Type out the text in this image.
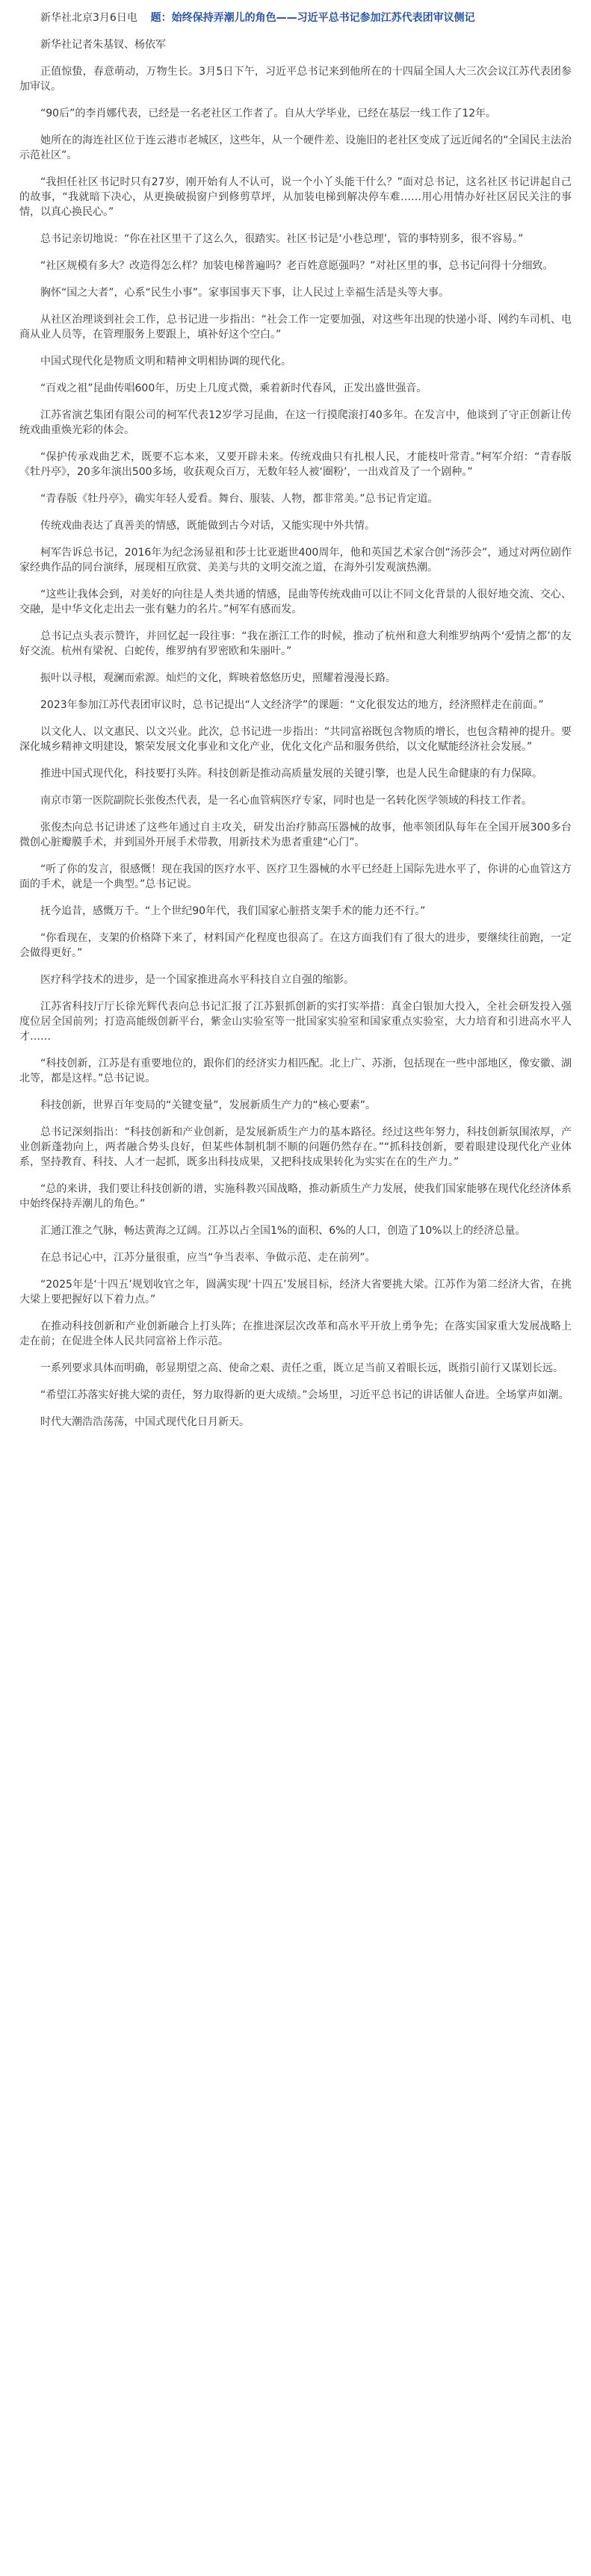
新华社北京3月6日电 题：始终保持弄潮儿的角色——习近平总书记参加江苏代表团审议侧记

新华社记者朱基钗、杨依军

正值惊蛰，春意萌动，万物生长。3月5日下午，习近平总书记来到他所在的十四届全国人大三次会议江苏代表团参加审议。

“90后”的李肖娜代表，已经是一名老社区工作者了。自从大学毕业，已经在基层一线工作了12年。

她所在的海连社区位于连云港市老城区，这些年，从一个硬件差、设施旧的老社区变成了远近闻名的“全国民主法治示范社区”。

“我担任社区书记时只有27岁，刚开始有人不认可，说一个小丫头能干什么？”面对总书记，这名社区书记讲起自己的故事，“我就暗下决心，从更换破损窗户到修剪草坪，从加装电梯到解决停车难……用心用情办好社区居民关注的事情，以真心换民心。”

总书记亲切地说：“你在社区里干了这么久，很踏实。社区书记是‘小巷总理’，管的事特别多，很不容易。”

“社区规模有多大？改造得怎么样？加装电梯普遍吗？老百姓意愿强吗？”对社区里的事，总书记问得十分细致。

胸怀“国之大者”，心系“民生小事”。家事国事天下事，让人民过上幸福生活是头等大事。

从社区治理谈到社会工作，总书记进一步指出：“社会工作一定要加强，对这些年出现的快递小哥、网约车司机、电商从业人员等，在管理服务上要跟上，填补好这个空白。”

中国式现代化是物质文明和精神文明相协调的现代化。

“百戏之祖”昆曲传唱600年，历史上几度式微，乘着新时代春风，正发出盛世强音。

江苏省演艺集团有限公司的柯军代表12岁学习昆曲，在这一行摸爬滚打40多年。在发言中，他谈到了守正创新让传统戏曲重焕光彩的体会。

“保护传承戏曲艺术，既要不忘本来，又要开辟未来。传统戏曲只有扎根人民，才能枝叶常青。”柯军介绍：“青春版《牡丹亭》，20多年演出500多场，收获观众百万，无数年轻人被‘圈粉’，一出戏首及了一个剧种。”

“青春版《牡丹亭》，确实年轻人爱看。舞台、服装、人物，都非常美。”总书记肯定道。

传统戏曲表达了真善美的情感，既能做到古今对话，又能实现中外共情。

柯军告诉总书记，2016年为纪念汤显祖和莎士比亚逝世400周年，他和英国艺术家合创“汤莎会”，通过对两位剧作家经典作品的同台演绎，展现相互欣赏、美美与共的文明交流之道，在海外引发观演热潮。

“这些让我体会到，对美好的向往是人类共通的情感，昆曲等传统戏曲可以让不同文化背景的人很好地交流、交心、交融，是中华文化走出去一张有魅力的名片。”柯军有感而发。

总书记点头表示赞许，并回忆起一段往事：“我在浙江工作的时候，推动了杭州和意大利维罗纳两个‘爱情之都’的友好交流。杭州有梁祝、白蛇传，维罗纳有罗密欧和朱丽叶。”

振叶以寻根，观澜而索源。灿烂的文化，辉映着悠悠历史，照耀着漫漫长路。

2023年参加江苏代表团审议时，总书记提出“人文经济学”的课题：“文化很发达的地方，经济照样走在前面。”

以文化人、以文惠民、以文兴业。此次，总书记进一步指出：“共同富裕既包含物质的增长，也包含精神的提升。要深化城乡精神文明建设，繁荣发展文化事业和文化产业，优化文化产品和服务供给，以文化赋能经济社会发展。”

推进中国式现代化，科技要打头阵。科技创新是推动高质量发展的关键引擎，也是人民生命健康的有力保障。

南京市第一医院副院长张俊杰代表，是一名心血管病医疗专家，同时也是一名转化医学领域的科技工作者。

张俊杰向总书记讲述了这些年通过自主攻关，研发出治疗肺高压器械的故事，他率领团队每年在全国开展300多台微创心脏瓣膜手术，并到国外开展手术带教，用新技术为患者重建“心门”。

“听了你的发言，很感慨！现在我国的医疗水平、医疗卫生器械的水平已经赶上国际先进水平了，你讲的心血管这方面的手术，就是一个典型。”总书记说。

抚今追昔，感慨万千。“上个世纪90年代，我们国家心脏搭支架手术的能力还不行。”

“你看现在，支架的价格降下来了，材料国产化程度也很高了。在这方面我们有了很大的进步，要继续往前跑，一定会做得更好。”

医疗科学技术的进步，是一个国家推进高水平科技自立自强的缩影。

江苏省科技厅厅长徐光辉代表向总书记汇报了江苏狠抓创新的实打实举措：真金白银加大投入，全社会研发投入强度位居全国前列；打造高能级创新平台，紫金山实验室等一批国家实验室和国家重点实验室，大力培育和引进高水平人才……

“科技创新，江苏是有重要地位的，跟你们的经济实力相匹配。北上广、苏浙，包括现在一些中部地区，像安徽、湖北等，都是这样。”总书记说。

科技创新，世界百年变局的“关键变量”，发展新质生产力的“核心要素”。

总书记深刻指出：“科技创新和产业创新，是发展新质生产力的基本路径。经过这些年努力，科技创新氛围浓厚，产业创新蓬勃向上，两者融合势头良好，但某些体制机制不顺的问题仍然存在。”“抓科技创新，要着眼建设现代化产业体系，坚持教育、科技、人才一起抓，既多出科技成果，又把科技成果转化为实实在在的生产力。”

“总的来讲，我们要让科技创新的谱，实施科教兴国战略，推动新质生产力发展，使我们国家能够在现代化经济体系中始终保持弄潮儿的角色。”

汇通江淮之气脉，畅达黄海之辽阔。江苏以占全国1%的面积、6%的人口，创造了10%以上的经济总量。

在总书记心中，江苏分量很重，应当“争当表率、争做示范、走在前列”。

“2025年是‘十四五’规划收官之年，圆满实现‘十四五’发展目标，经济大省要挑大梁。江苏作为第二经济大省，在挑大梁上要把握好以下着力点。”

在推动科技创新和产业创新融合上打头阵；在推进深层次改革和高水平开放上勇争先；在落实国家重大发展战略上走在前；在促进全体人民共同富裕上作示范。

一系列要求具体而明确，彰显期望之高、使命之艰、责任之重，既立足当前又着眼长远，既指引前行又谋划长远。

“希望江苏落实好挑大梁的责任，努力取得新的更大成绩。”会场里，习近平总书记的讲话催人奋进。全场掌声如潮。

时代大潮浩浩荡荡，中国式现代化日月新天。
